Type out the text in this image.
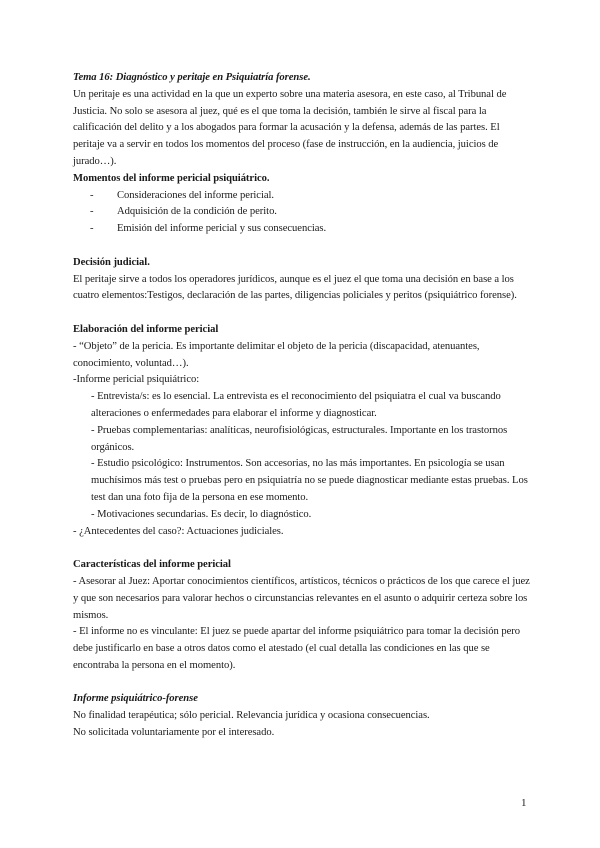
Tema 16: Diagnóstico y peritaje en Psiquiatría forense.

Un peritaje es una actividad en la que un experto sobre una materia asesora, en este caso, al Tribunal de Justicia. No solo se asesora al juez, qué es el que toma la decisión, también le sirve al fiscal para la calificación del delito y a los abogados para formar la acusación y la defensa, además de las partes. El peritaje va a servir en todos los momentos del proceso (fase de instrucción, en la audiencia, juicios de jurado…).

Momentos del informe pericial psiquiátrico.

- Consideraciones del informe pericial.
- Adquisición de la condición de perito.
- Emisión del informe pericial y sus consecuencias.

Decisión judicial.

El peritaje sirve a todos los operadores jurídicos, aunque es el juez el que toma una decisión en base a los cuatro elementos:Testigos, declaración de las partes, diligencias policiales y peritos (psiquiátrico forense).

Elaboración del informe pericial

- “Objeto” de la pericia. Es importante delimitar el objeto de la pericia (discapacidad, atenuantes, conocimiento, voluntad…).

-Informe pericial psiquiátrico:

- Entrevista/s: es lo esencial. La entrevista es el reconocimiento del psiquiatra el cual va buscando alteraciones o enfermedades para elaborar el informe y diagnosticar.

- Pruebas complementarias: analíticas, neurofisiológicas, estructurales. Importante en los trastornos orgánicos.

- Estudio psicológico: Instrumentos. Son accesorias, no las más importantes. En psicología se usan muchísimos más test o pruebas pero en psiquiatría no se puede diagnosticar mediante estas pruebas. Los test dan una foto fija de la persona en ese momento.

- Motivaciones secundarias. Es decir, lo diagnóstico.

- ¿Antecedentes del caso?: Actuaciones judiciales.

Características del informe pericial

- Asesorar al Juez: Aportar conocimientos científicos, artísticos, técnicos o prácticos de los que carece el juez y que son necesarios para valorar hechos o circunstancias relevantes en el asunto o adquirir certeza sobre los mismos.

- El informe no es vinculante: El juez se puede apartar del informe psiquiátrico para tomar la decisión pero debe justificarlo en base a otros datos como el atestado (el cual detalla las condiciones en las que se encontraba la persona en el momento).

Informe psiquiátrico-forense

No finalidad terapéutica; sólo pericial. Relevancia jurídica y ocasiona consecuencias.

No solicitada voluntariamente por el interesado.

1
